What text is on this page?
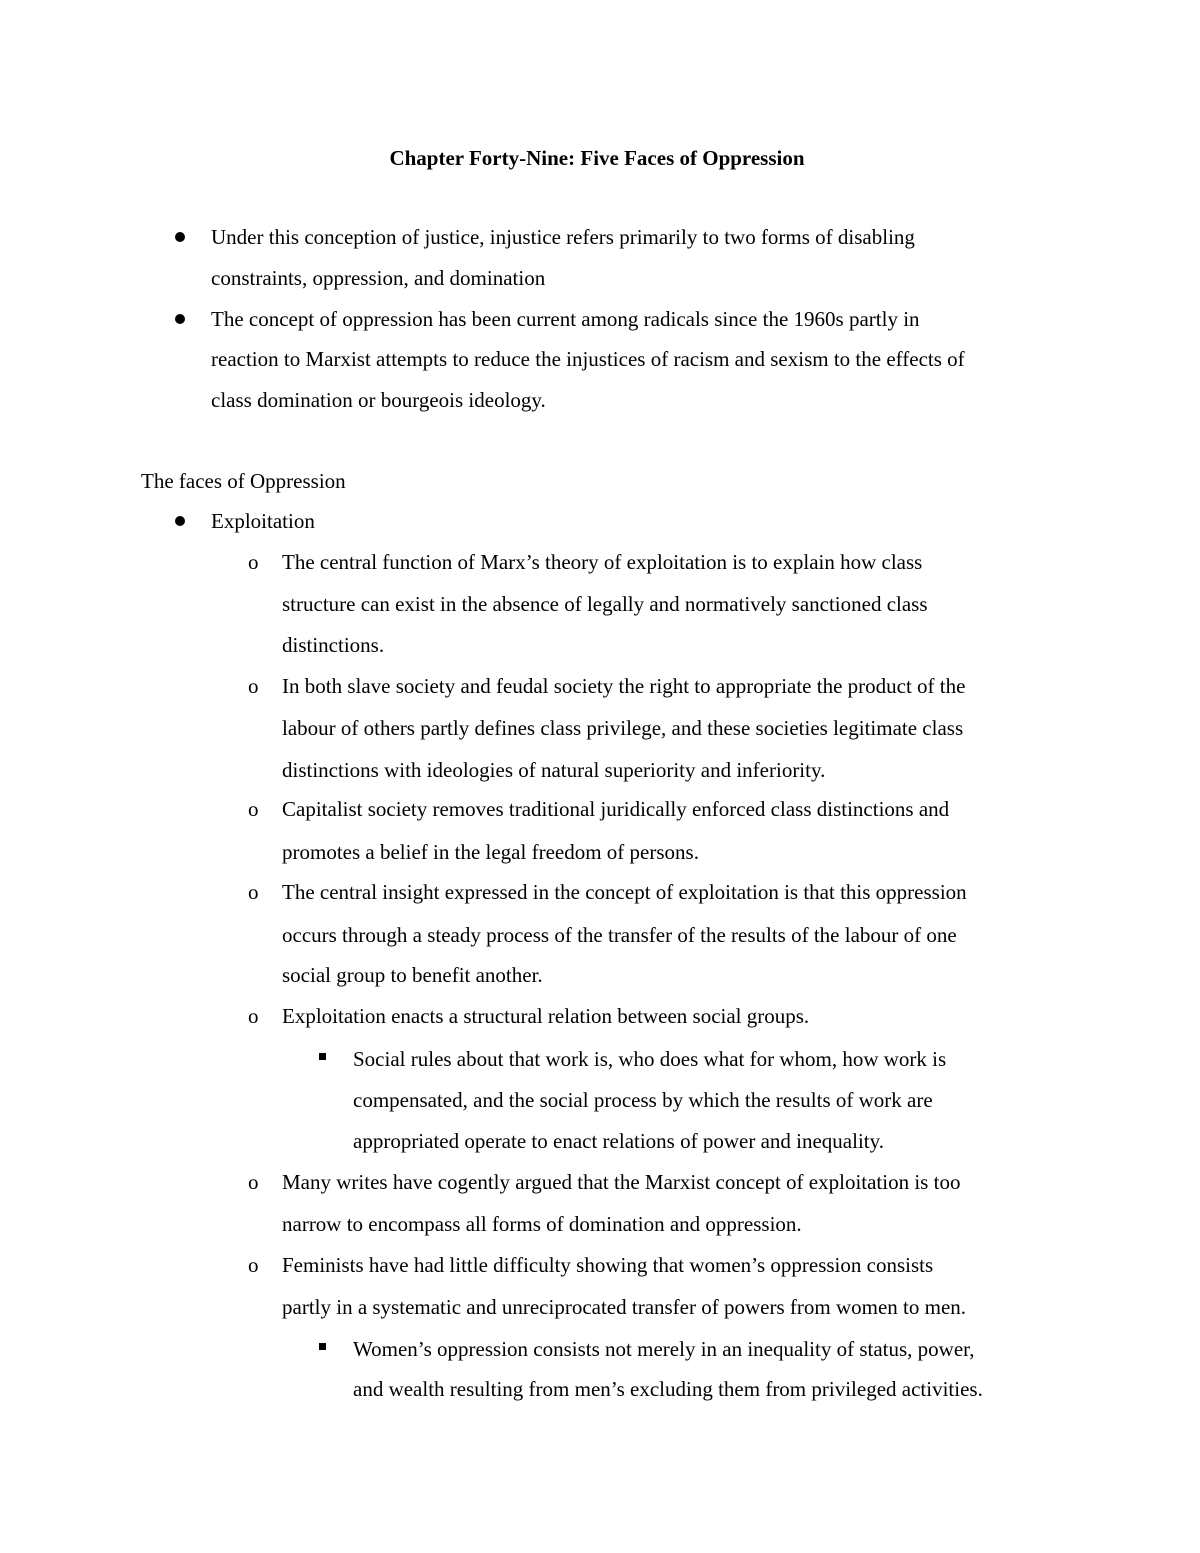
Chapter Forty-Nine: Five Faces of Oppression
Under this conception of justice, injustice refers primarily to two forms of disabling
constraints, oppression, and domination
The concept of oppression has been current among radicals since the 1960s partly in
reaction to Marxist attempts to reduce the injustices of racism and sexism to the effects of
class domination or bourgeois ideology.
The faces of Oppression
Exploitation
o The central function of Marx’s theory of exploitation is to explain how class
structure can exist in the absence of legally and normatively sanctioned class
distinctions.
o In both slave society and feudal society the right to appropriate the product of the
labour of others partly defines class privilege, and these societies legitimate class
distinctions with ideologies of natural superiority and inferiority.
o Capitalist society removes traditional juridically enforced class distinctions and
promotes a belief in the legal freedom of persons.
o The central insight expressed in the concept of exploitation is that this oppression
occurs through a steady process of the transfer of the results of the labour of one
social group to benefit another.
o Exploitation enacts a structural relation between social groups.
Social rules about that work is, who does what for whom, how work is
compensated, and the social process by which the results of work are
appropriated operate to enact relations of power and inequality.
o Many writes have cogently argued that the Marxist concept of exploitation is too
narrow to encompass all forms of domination and oppression.
o Feminists have had little difficulty showing that women’s oppression consists
partly in a systematic and unreciprocated transfer of powers from women to men.
Women’s oppression consists not merely in an inequality of status, power,
and wealth resulting from men’s excluding them from privileged activities.
